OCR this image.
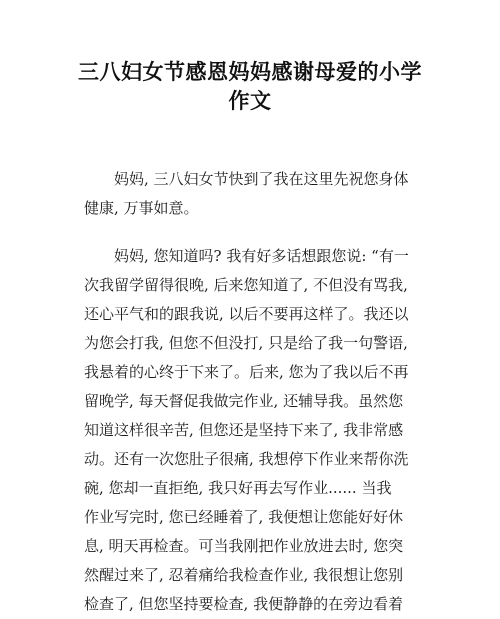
三八妇女节感恩妈妈感谢母爱的小学
作文
妈妈, 三八妇女节快到了我在这里先祝您身体
健康, 万事如意。
妈妈, 您知道吗? 我有好多话想跟您说: “有一
次我留学留得很晚, 后来您知道了, 不但没有骂我,
还心平气和的跟我说, 以后不要再这样了。我还以
为您会打我, 但您不但没打, 只是给了我一句警语,
我悬着的心终于下来了。后来, 您为了我以后不再
留晚学, 每天督促我做完作业, 还辅导我。虽然您
知道这样很辛苦, 但您还是坚持下来了, 我非常感
动。还有一次您肚子很痛, 我想停下作业来帮你洗
碗, 您却一直拒绝, 我只好再去写作业...... 当我
作业写完时, 您已经睡着了, 我便想让您能好好休
息, 明天再检查。可当我刚把作业放进去时, 您突
然醒过来了, 忍着痛给我检查作业, 我很想让您别
检查了, 但您坚持要检查, 我便静静的在旁边看着
